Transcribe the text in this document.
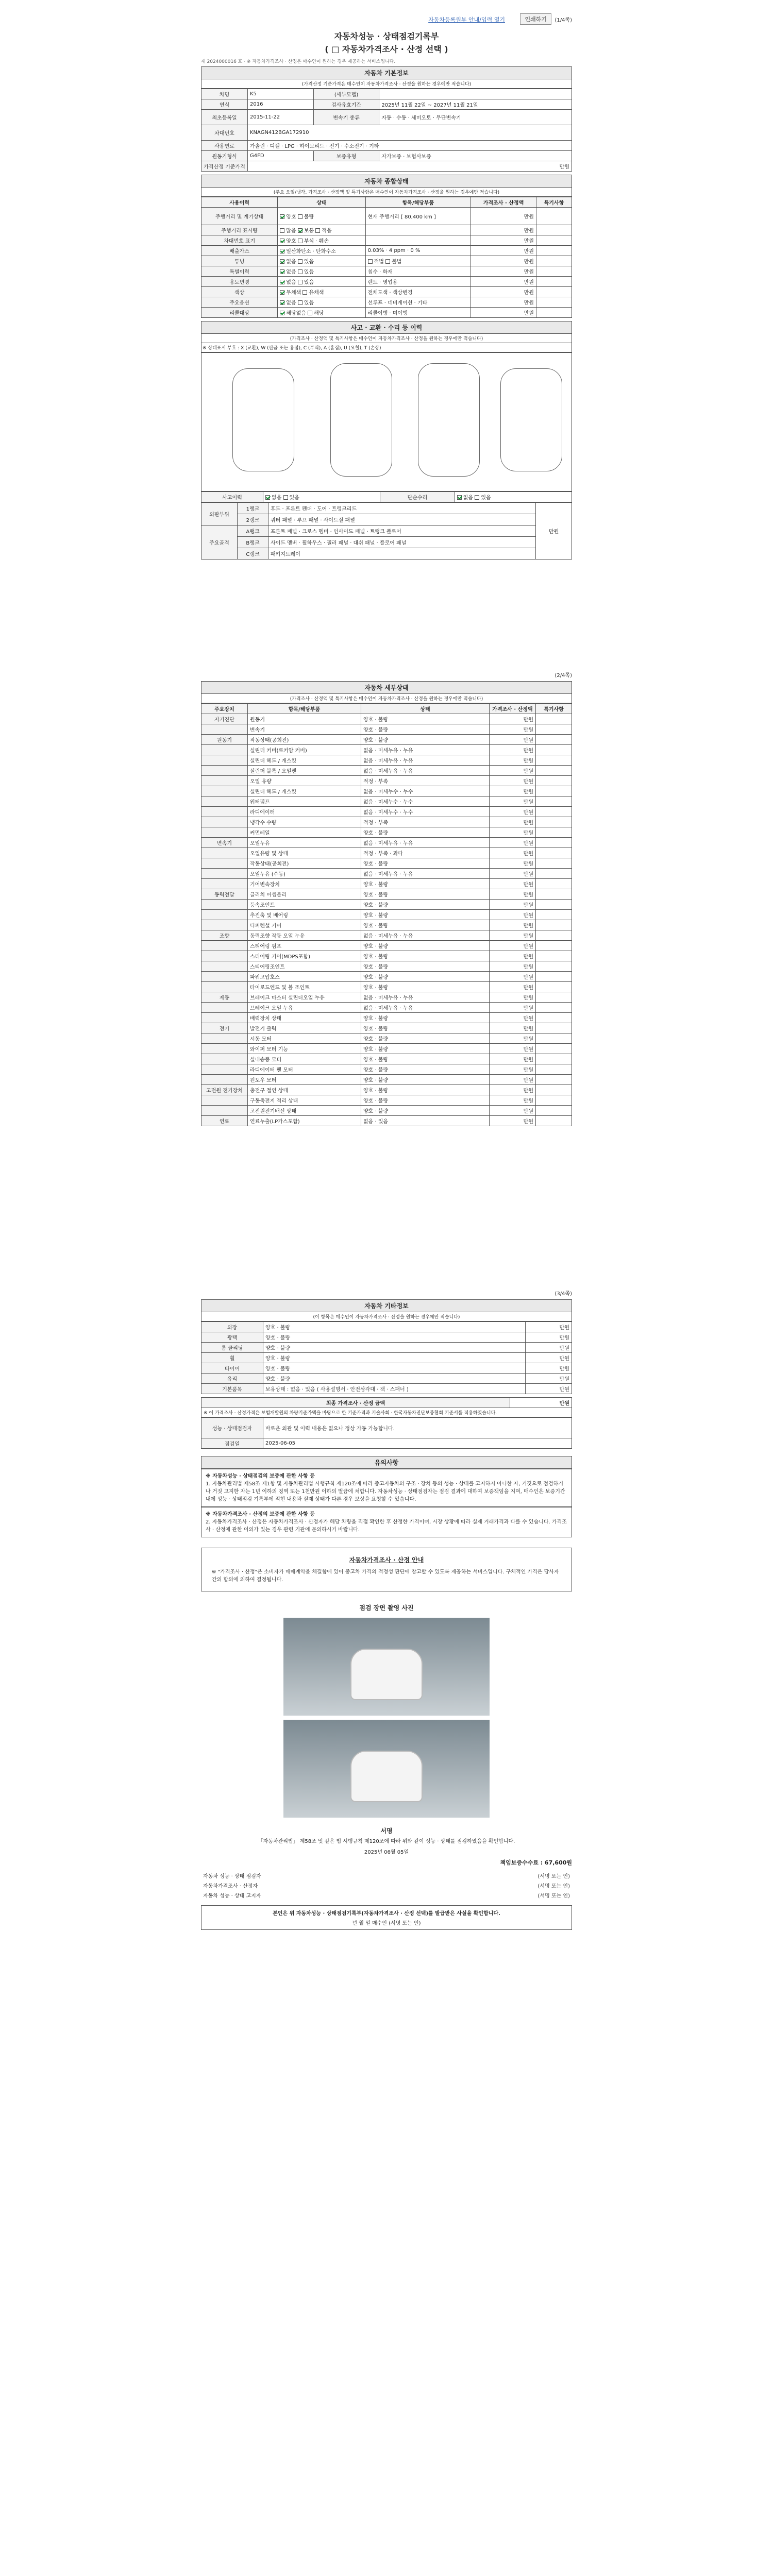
자동차등록원부 안내/입력 열기	인쇄하기	(1/4쪽)
자동차성능 · 상태점검기록부
( □ 자동차가격조사 · 산정 선택 )
제 2024000016 호 · ※ 자동차가격조사 · 산정은 매수인이 원하는 경우 제공하는 서비스입니다.
자동차 기본정보
(가격산정 기준가격은 매수인이 자동차가격조사 · 산정을 원하는 경우에만 적습니다)
차명	K5	(세부모델)	
연식	2016	검사유효기간	2025년 11월 22일 ~ 2027년 11월 21일
최초등록일	2015-11-22	변속기 종류	자동 · 수동 · 세미오토 · 무단변속기
차대번호	KNAGN412BGA172910		
사용연료	가솔린 · 디젤 · LPG · 하이브리드 · 전기 · 수소전기 · 기타		
원동기형식	G4FD	보증유형	자가보증 · 보험사보증
가격산정 기준가격	만원		
자동차 종합상태
(주요 오일/냉각, 가격조사 · 산정액 및 특기사항은 매수인이 자동차가격조사 · 산정을 원하는 경우에만 적습니다)
사용이력	상태	항목/해당부품	가격조사 · 산정액	특기사항
주행거리 및 계기상태	양호 불량	현재 주행거리 [ 80,400 km ]	만원	
주행거리 표시량	많음 보통 적음		만원	
차대번호 표기	양호 부식 · 훼손		만원	
배출가스	일산화탄소 · 탄화수소	0.03% · 4 ppm · 0 %	만원	
튜닝	없음 있음	적법 불법	만원	
특별이력	없음 있음	침수 · 화재	만원	
용도변경	없음 있음	렌트 · 영업용	만원	
색상	무채색 유채색	전체도색 · 색상변경	만원	
주요옵션	없음 있음	선루프 · 네비게이션 · 기타	만원	
리콜대상	해당없음 해당	리콜이행 · 미이행	만원	
사고 · 교환 · 수리 등 이력
(가격조사 · 산정액 및 특기사항은 매수인이 자동차가격조사 · 산정을 원하는 경우에만 적습니다)
※ 상태표시 부호 : X (교환), W (판금 또는 용접), C (부식), A (흠집), U (요철), T (손상)
사고이력	없음 있음	단순수리	없음 있음
외판부위	1랭크	후드 · 프론트 펜더 · 도어 · 트렁크리드	만원
	2랭크	쿼터 패널 · 루프 패널 · 사이드실 패널	
주요골격	A랭크	프론트 패널 · 크로스 멤버 · 인사이드 패널 · 트렁크 플로어	
	B랭크	사이드 멤버 · 휠하우스 · 필러 패널 · 대쉬 패널 · 플로어 패널	
	C랭크	패키지트레이	
(2/4쪽)
자동차 세부상태
(가격조사 · 산정액 및 특기사항은 매수인이 자동차가격조사 · 산정을 원하는 경우에만 적습니다)
주요장치	항목/해당부품	상태	가격조사 · 산정액	특기사항
자기진단	원동기	양호 · 불량	만원	
	변속기	양호 · 불량	만원	
원동기	작동상태(공회전)	양호 · 불량	만원	
	실린더 커버(로커암 커버)	없음 · 미세누유 · 누유	만원	
	실린더 헤드 / 개스킷	없음 · 미세누유 · 누유	만원	
	실린더 블록 / 오일팬	없음 · 미세누유 · 누유	만원	
	오일 유량	적정 · 부족	만원	
	실린더 헤드 / 개스킷	없음 · 미세누수 · 누수	만원	
	워터펌프	없음 · 미세누수 · 누수	만원	
	라디에이터	없음 · 미세누수 · 누수	만원	
	냉각수 수량	적정 · 부족	만원	
	커먼레일	양호 · 불량	만원	
변속기	오일누유	없음 · 미세누유 · 누유	만원	
	오일유량 및 상태	적정 · 부족 · 과다	만원	
	작동상태(공회전)	양호 · 불량	만원	
	오일누유 (수동)	없음 · 미세누유 · 누유	만원	
	기어변속장치	양호 · 불량	만원	
동력전달	클러치 어셈블리	양호 · 불량	만원	
	등속조인트	양호 · 불량	만원	
	추진축 및 베어링	양호 · 불량	만원	
	디퍼렌셜 기어	양호 · 불량	만원	
조향	동력조향 작동 오일 누유	없음 · 미세누유 · 누유	만원	
	스티어링 펌프	양호 · 불량	만원	
	스티어링 기어(MDPS포함)	양호 · 불량	만원	
	스티어링조인트	양호 · 불량	만원	
	파워고압호스	양호 · 불량	만원	
	타이로드엔드 및 볼 조인트	양호 · 불량	만원	
제동	브레이크 마스터 실린더오일 누유	없음 · 미세누유 · 누유	만원	
	브레이크 오일 누유	없음 · 미세누유 · 누유	만원	
	배력장치 상태	양호 · 불량	만원	
전기	발전기 출력	양호 · 불량	만원	
	시동 모터	양호 · 불량	만원	
	와이퍼 모터 기능	양호 · 불량	만원	
	실내송풍 모터	양호 · 불량	만원	
	라디에이터 팬 모터	양호 · 불량	만원	
	윈도우 모터	양호 · 불량	만원	
고전원 전기장치	충전구 절연 상태	양호 · 불량	만원	
	구동축전지 격리 상태	양호 · 불량	만원	
	고전원전기배선 상태	양호 · 불량	만원	
연료	연료누출(LP가스포함)	없음 · 있음	만원	
(3/4쪽)
자동차 기타정보
(이 항목은 매수인이 자동차가격조사 · 산정을 원하는 경우에만 적습니다)
외장	양호 · 불량	만원
광택	양호 · 불량	만원
룸 클리닝	양호 · 불량	만원
휠	양호 · 불량	만원
타이어	양호 · 불량	만원
유리	양호 · 불량	만원
기본품목	보유상태 : 없음 · 있음 ( 사용설명서 · 안전삼각대 · 잭 · 스패너 )	만원
최종 가격조사 · 산정 금액	만원
※ 이 가격조사 · 산정가격은 보험개발원의 차량기준가액을 바탕으로 한 기준가격과 기술사회 · 한국자동차진단보증협회 기준서를 적용하였습니다.
성능 · 상태점검자	바로운 외관 및 이력 내용은 없으나 정상 가동 가능합니다.
점검일	2025-06-05
유의사항
※ 자동차성능 · 상태점검의 보증에 관한 사항 등
1. 자동차관리법 제58조 제1항 및 자동차관리법 시행규칙 제120조에 따라 중고자동차의 구조 · 장치 등의 성능 · 상태를 고지하지 아니한 자, 거짓으로 점검하거나 거짓 고지한 자는 1년 이하의 징역 또는 1천만원 이하의 벌금에 처합니다. 자동차성능 · 상태점검자는 점검 결과에 대하여 보증책임을 지며, 매수인은 보증기간 내에 성능 · 상태점검 기록부에 적힌 내용과 실제 상태가 다른 경우 보상을 요청할 수 있습니다.
※ 자동차가격조사 · 산정의 보증에 관한 사항 등
2. 자동차가격조사 · 산정은 자동차가격조사 · 산정자가 해당 차량을 직접 확인한 후 산정한 가격이며, 시장 상황에 따라 실제 거래가격과 다를 수 있습니다. 가격조사 · 산정에 관한 이의가 있는 경우 관련 기관에 문의하시기 바랍니다.
자동차가격조사 · 산정 안내
※ "가격조사 · 산정"은 소비자가 매매계약을 체결함에 있어 중고차 가격의 적정성 판단에 참고할 수 있도록 제공하는 서비스입니다. 구체적인 가격은 당사자 간의 합의에 의하여 결정됩니다.
점검 장면 촬영 사진
서명
「자동차관리법」 제58조 및 같은 법 시행규칙 제120조에 따라 위와 같이 성능 · 상태를 점검하였음을 확인합니다.
2025년 06월 05일
책임보증수수료 : 67,600원
자동차 성능 · 상태 점검자	(서명 또는 인)
자동차가격조사 · 산정자	(서명 또는 인)
자동차 성능 · 상태 고지자	(서명 또는 인)
본인은 위 자동차성능 · 상태점검기록부(자동차가격조사 · 산정 선택)를 발급받은 사실을 확인합니다.
년 월 일 매수인 (서명 또는 인)
